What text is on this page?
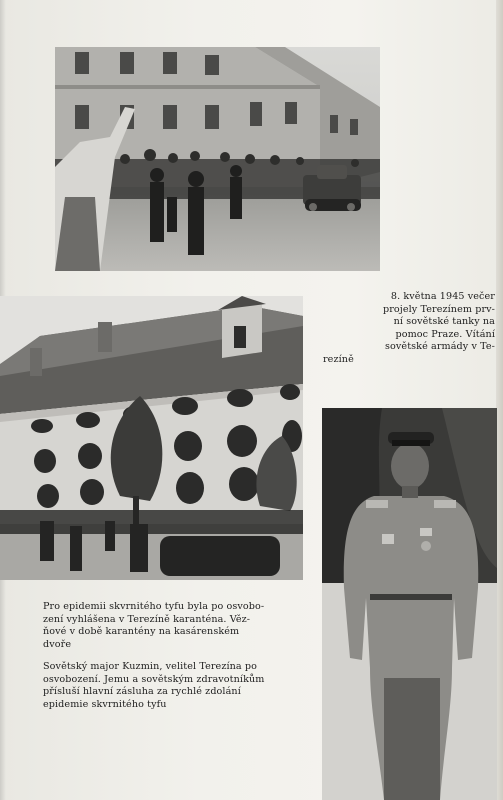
8. května 1945 večer
projely Terezínem prv-
ní sovětské tanky na
pomoc Praze. Vítání
sovětské armády v Te-
rezíně

Pro epidemii skvrnitého tyfu byla po osvobo-
zení vyhlášena v Terezíně karanténa. Věz-
ňové v době karantény na kasárenském
dvoře

Sovětský major Kuzmin, velitel Terezína po
osvobození. Jemu a sovětským zdravotníkům
přísluší hlavní zásluha za rychlé zdolání
epidemie skvrnitého tyfu
